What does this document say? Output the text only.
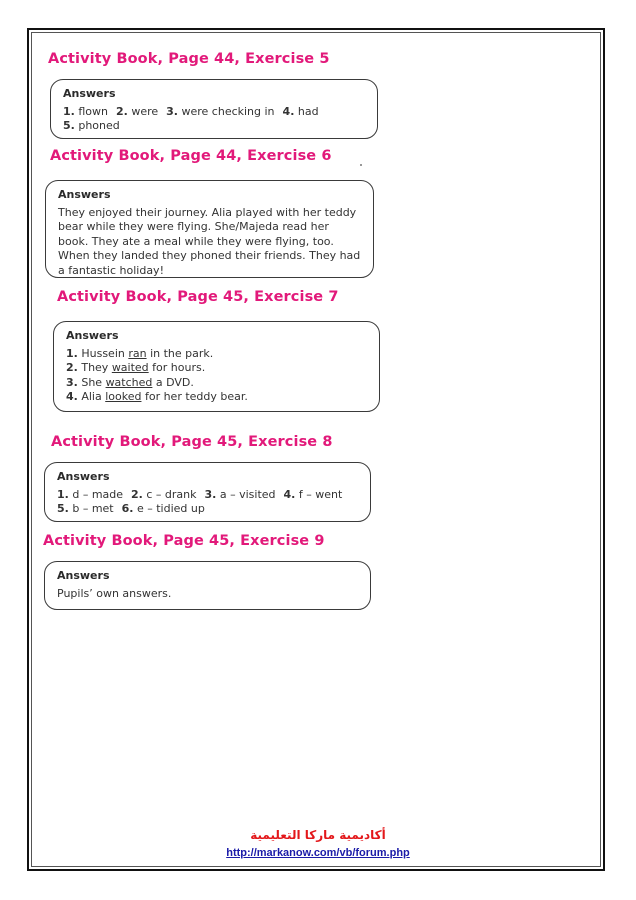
Activity Book, Page 44, Exercise 5
Answers
1. flown 2. were 3. were checking in 4. had
5. phoned
Activity Book, Page 44, Exercise 6
Answers
They enjoyed their journey. Alia played with her teddy bear while they were flying. She/Majeda read her book. They ate a meal while they were flying, too. When they landed they phoned their friends. They had a fantastic holiday!
Activity Book, Page 45, Exercise 7
Answers
1. Hussein ran in the park.
2. They waited for hours.
3. She watched a DVD.
4. Alia looked for her teddy bear.
Activity Book, Page 45, Exercise 8
Answers
1. d – made 2. c – drank 3. a – visited 4. f – went
5. b – met 6. e – tidied up
Activity Book, Page 45, Exercise 9
Answers
Pupils’ own answers.
أكاديمية ماركا التعليمية
http://markanow.com/vb/forum.php
